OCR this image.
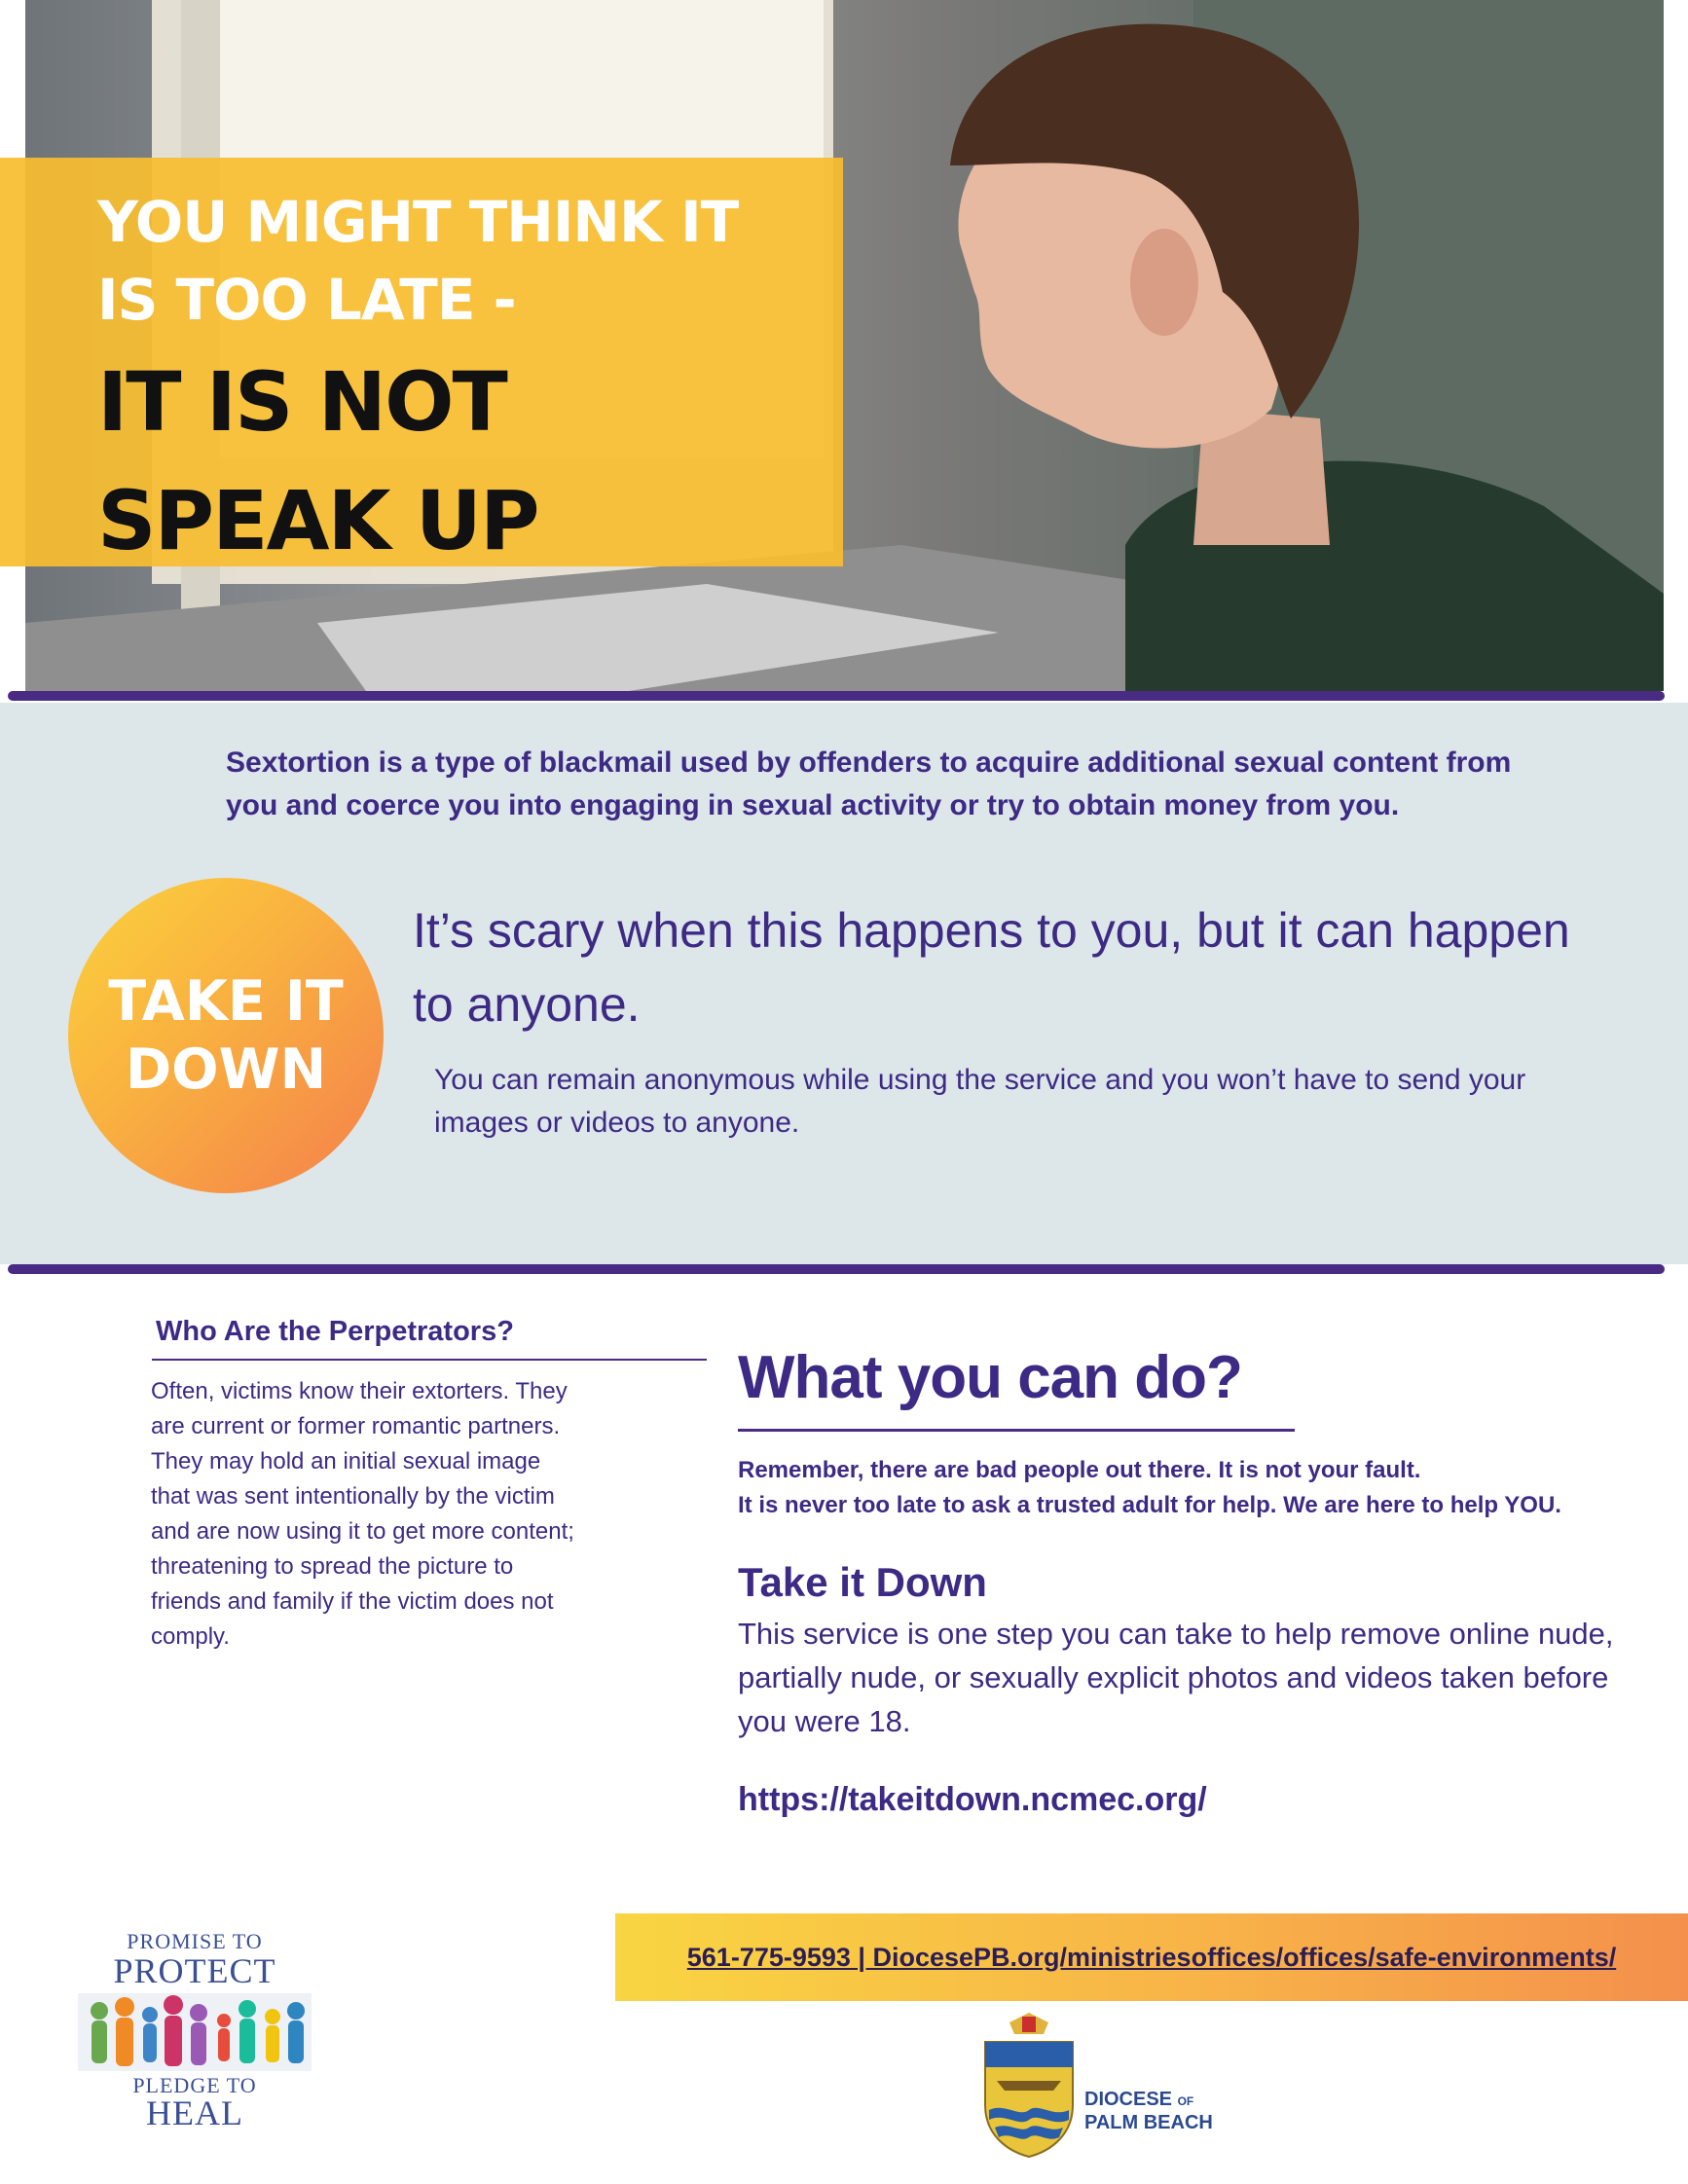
YOU MIGHT THINK IT
IS TOO LATE -
IT IS NOT
SPEAK UP
Sextortion is a type of blackmail used by offenders to acquire additional sexual content from you and coerce you into engaging in sexual activity or try to obtain money from you.
TAKE IT
DOWN
It’s scary when this happens to you, but it can happen to anyone.
You can remain anonymous while using the service and you won’t have to send your images or videos to anyone.
Who Are the Perpetrators?
Often, victims know their extorters. They are current or former romantic partners. They may hold an initial sexual image that was sent intentionally by the victim and are now using it to get more content; threatening to spread the picture to friends and family if the victim does not comply.
What you can do?
Remember, there are bad people out there. It is not your fault.
It is never too late to ask a trusted adult for help. We are here to help YOU.
Take it Down
This service is one step you can take to help remove online nude, partially nude, or sexually explicit photos and videos taken before you were 18.
https://takeitdown.ncmec.org/
561-775-9593 | DiocesePB.org/ministriesoffices/offices/safe-environments/
PROMISE TO
PROTECT
PLEDGE TO
HEAL	DIOCESE OF
PALM BEACH
